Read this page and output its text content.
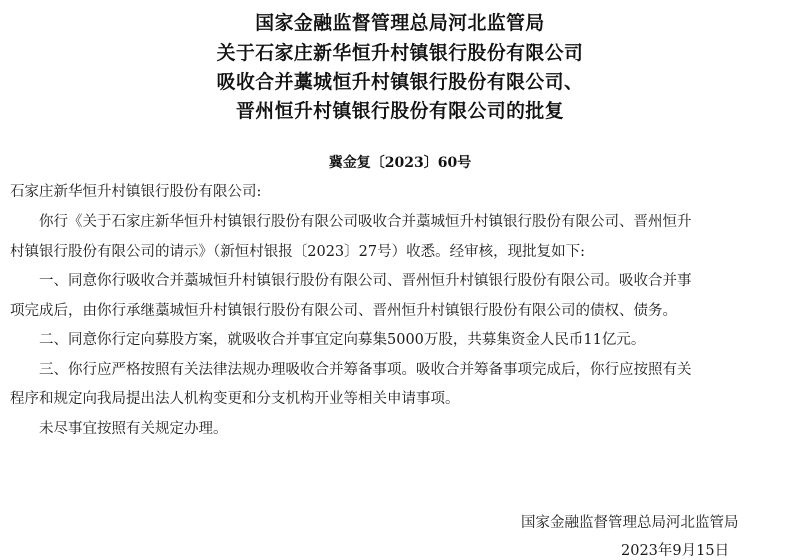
国家金融监督管理总局河北监管局
关于石家庄新华恒升村镇银行股份有限公司
吸收合并藁城恒升村镇银行股份有限公司、
晋州恒升村镇银行股份有限公司的批复
冀金复〔2023〕60号
石家庄新华恒升村镇银行股份有限公司:
你行《关于石家庄新华恒升村镇银行股份有限公司吸收合并藁城恒升村镇银行股份有限公司、晋州恒升
村镇银行股份有限公司的请示》（新恒村银报〔2023〕27号）收悉。经审核，现批复如下:
一、同意你行吸收合并藁城恒升村镇银行股份有限公司、晋州恒升村镇银行股份有限公司。吸收合并事
项完成后，由你行承继藁城恒升村镇银行股份有限公司、晋州恒升村镇银行股份有限公司的债权、债务。
二、同意你行定向募股方案，就吸收合并事宜定向募集5000万股，共募集资金人民币11亿元。
三、你行应严格按照有关法律法规办理吸收合并筹备事项。吸收合并筹备事项完成后，你行应按照有关
程序和规定向我局提出法人机构变更和分支机构开业等相关申请事项。
未尽事宜按照有关规定办理。
国家金融监督管理总局河北监管局
2023年9月15日
